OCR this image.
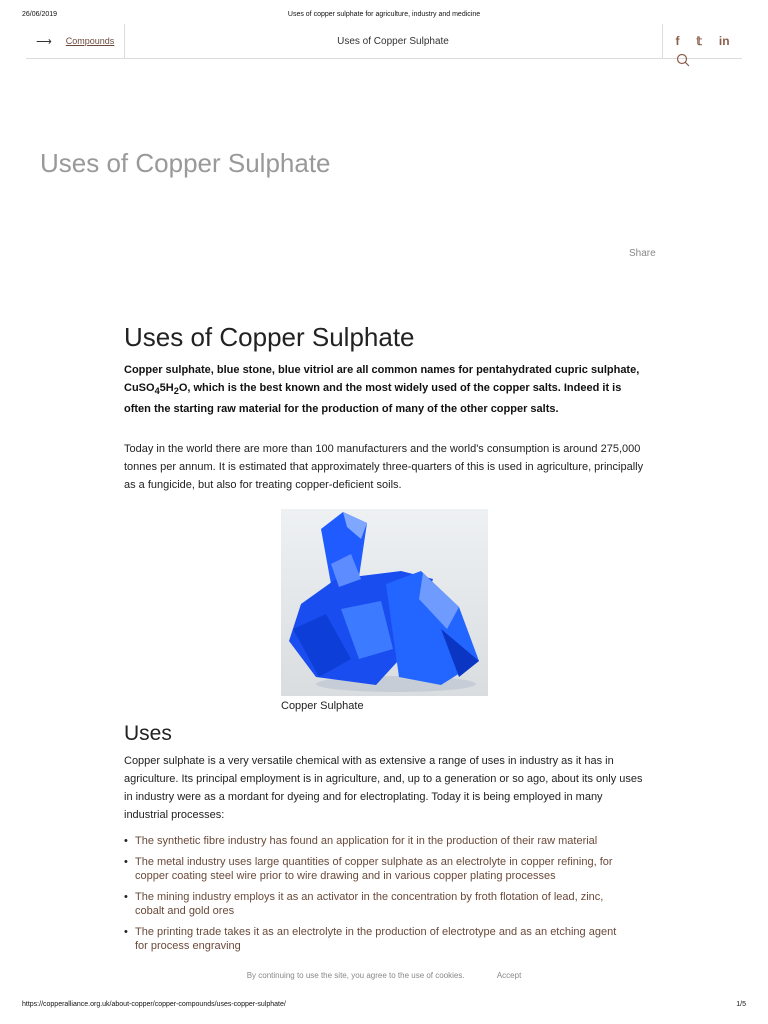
26/06/2019	Uses of copper sulphate for agriculture, industry and medicine
⟶	Compounds	Uses of Copper Sulphate	f 𝕥 in
Uses of Copper Sulphate
Share
Uses of Copper Sulphate

Copper sulphate, blue stone, blue vitriol are all common names for pentahydrated cupric sulphate, $CuSO_45H_2O$, which is the best known and the most widely used of the copper salts. Indeed it is often the starting raw material for the production of many of the other copper salts.

Today in the world there are more than 100 manufacturers and the world's consumption is around 275,000 tonnes per annum. It is estimated that approximately three-quarters of this is used in agriculture, principally as a fungicide, but also for treating copper-deficient soils.

Copper Sulphate
Uses

Copper sulphate is a very versatile chemical with as extensive a range of uses in industry as it has in agriculture. Its principal employment is in agriculture, and, up to a generation or so ago, about its only uses in industry were as a mordant for dyeing and for electroplating. Today it is being employed in many industrial processes:

• The synthetic fibre industry has found an application for it in the production of their raw material
• The metal industry uses large quantities of copper sulphate as an electrolyte in copper refining, for copper coating steel wire prior to wire drawing and in various copper plating processes
• The mining industry employs it as an activator in the concentration by froth flotation of lead, zinc, cobalt and gold ores
• The printing trade takes it as an electrolyte in the production of electrotype and as an etching agent for process engraving
By continuing to use the site, you agree to the use of cookies.	Accept
https://copperalliance.org.uk/about-copper/copper-compounds/uses-copper-sulphate/	1/5
